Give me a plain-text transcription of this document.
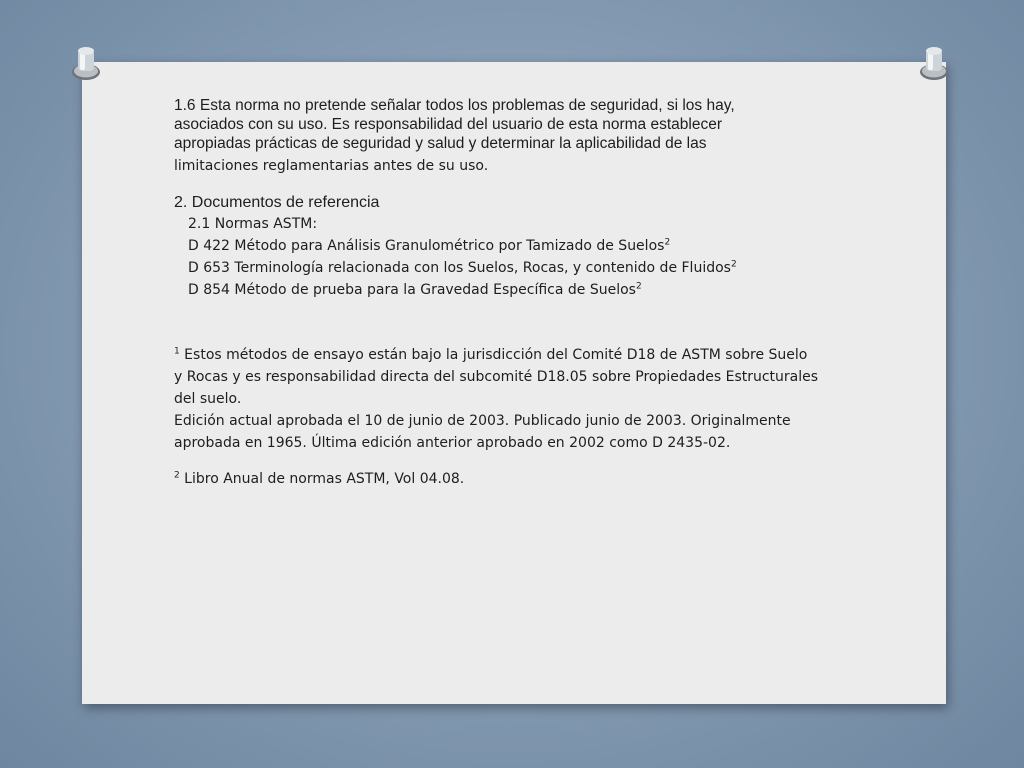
1.6 Esta norma no pretende señalar todos los problemas de seguridad, si los hay,
asociados con su uso. Es responsabilidad del usuario de esta norma establecer
apropiadas prácticas de seguridad y salud y determinar la aplicabilidad de las
limitaciones reglamentarias antes de su uso.
2. Documentos de referencia
2.1 Normas ASTM:
D 422 Método para Análisis Granulométrico por Tamizado de Suelos$^2$
D 653 Terminología relacionada con los Suelos, Rocas, y contenido de Fluidos$^2$
D 854 Método de prueba para la Gravedad Específica de Suelos$^2$
$^1$ Estos métodos de ensayo están bajo la jurisdicción del Comité D18 de ASTM sobre Suelo
y Rocas y es responsabilidad directa del subcomité D18.05 sobre Propiedades Estructurales
del suelo.
Edición actual aprobada el 10 de junio de 2003. Publicado junio de 2003. Originalmente
aprobada en 1965. Última edición anterior aprobado en 2002 como D 2435-02.
$^2$ Libro Anual de normas ASTM, Vol 04.08.
